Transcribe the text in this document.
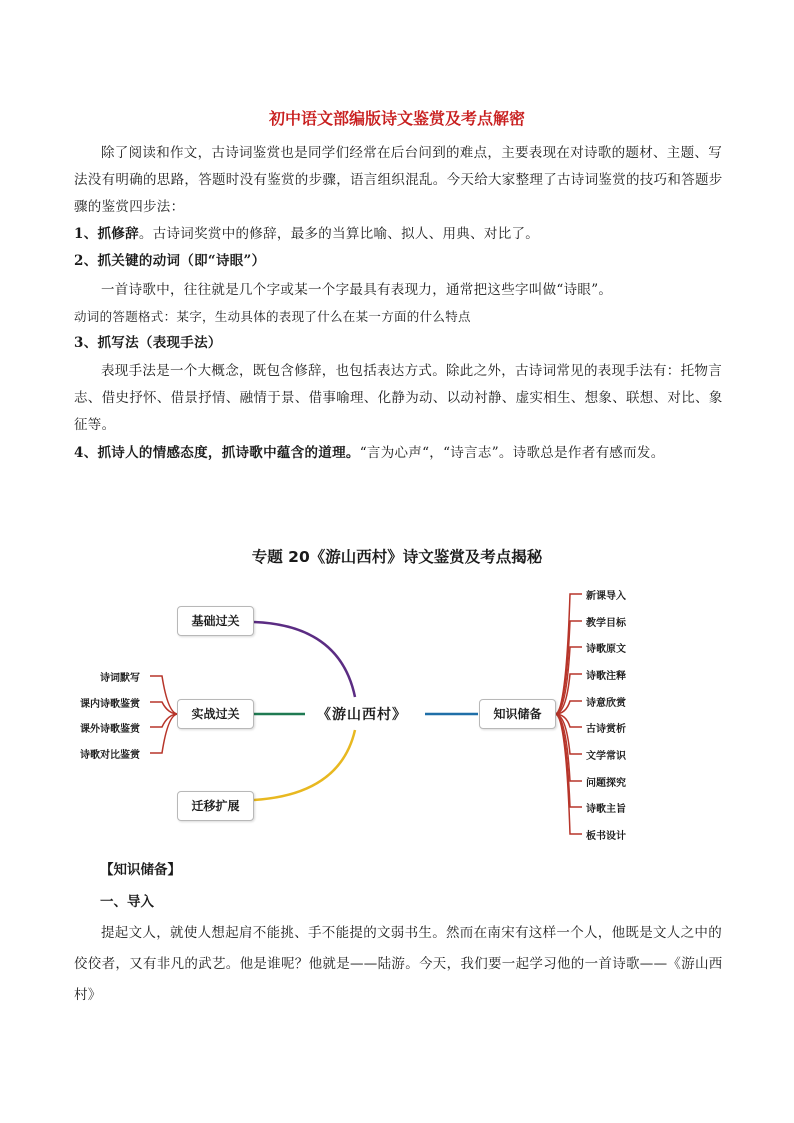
初中语文部编版诗文鉴赏及考点解密
除了阅读和作文，古诗词鉴赏也是同学们经常在后台问到的难点，主要表现在对诗歌的题材、主题、写法没有明确的思路，答题时没有鉴赏的步骤，语言组织混乱。今天给大家整理了古诗词鉴赏的技巧和答题步骤的鉴赏四步法：
1、抓修辞。古诗词奖赏中的修辞，最多的当算比喻、拟人、用典、对比了。
2、抓关键的动词（即“诗眼”）
一首诗歌中，往往就是几个字或某一个字最具有表现力，通常把这些字叫做“诗眼”。
动词的答题格式：某字，生动具体的表现了什么在某一方面的什么特点
3、抓写法（表现手法）
表现手法是一个大概念，既包含修辞，也包括表达方式。除此之外，古诗词常见的表现手法有：托物言志、借史抒怀、借景抒情、融情于景、借事喻理、化静为动、以动衬静、虚实相生、想象、联想、对比、象征等。
4、抓诗人的情感态度，抓诗歌中蕴含的道理。“言为心声“，“诗言志”。诗歌总是作者有感而发。
专题 20《游山西村》诗文鉴赏及考点揭秘
基础过关
实战过关
迁移扩展
《游山西村》	知识储备
诗词默写
课内诗歌鉴赏
课外诗歌鉴赏
诗歌对比鉴赏
新课导入
教学目标
诗歌原文
诗歌注释
诗意欣赏
古诗赏析
文学常识
问题探究
诗歌主旨
板书设计
【知识储备】
一、导入
提起文人，就使人想起肩不能挑、手不能提的文弱书生。然而在南宋有这样一个人，他既是文人之中的佼佼者，又有非凡的武艺。他是谁呢？他就是——陆游。今天，我们要一起学习他的一首诗歌——《游山西村》
